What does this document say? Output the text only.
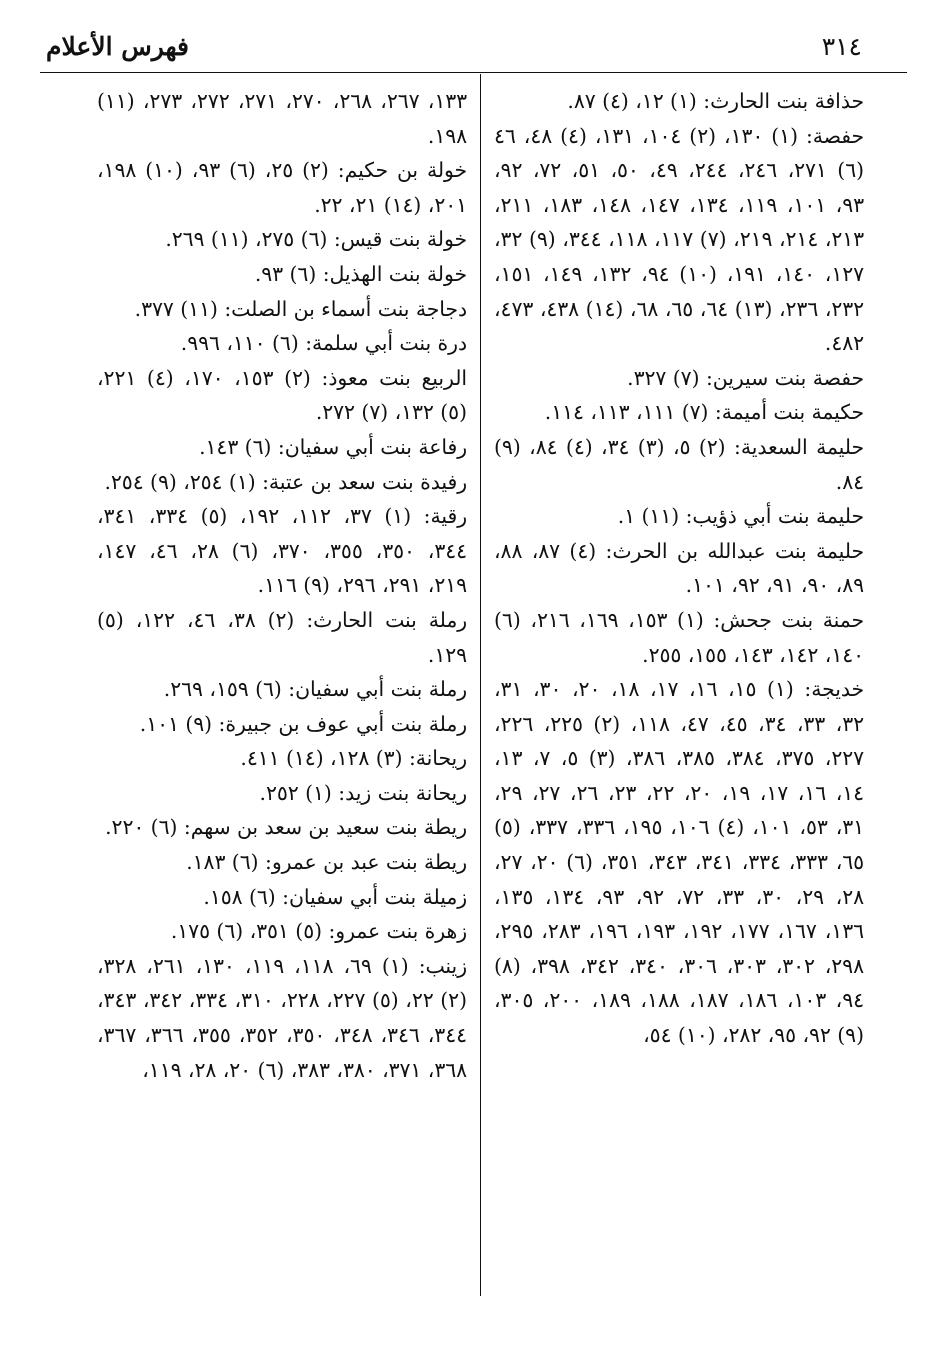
٣١٤
فهرس الأعلام
حذافة بنت الحارث: (١) ١٢، (٤) ٨٧.
حفصة: (١) ١٣٠، (٢) ١٠٤، ١٣١، (٤) ٤٨، ٤٦ (٦) ٢٧١، ٢٤٦، ٢٤٤، ٤٩، ٥٠، ٥١، ٧٢، ٩٢، ٩٣، ١٠١، ١١٩، ١٣٤، ١٤٧، ١٤٨، ١٨٣، ٢١١، ٢١٣، ٢١٤، ٢١٩، (٧) ١١٧، ١١٨، ٣٤٤، (٩) ٣٢، ١٢٧، ١٤٠، ١٩١، (١٠) ٩٤، ١٣٢، ١٤٩، ١٥١، ٢٣٢، ٢٣٦، (١٣) ٦٤، ٦٥، ٦٨، (١٤) ٤٣٨، ٤٧٣، ٤٨٢.
حفصة بنت سيرين: (٧) ٣٢٧.
حكيمة بنت أميمة: (٧) ١١١، ١١٣، ١١٤.
حليمة السعدية: (٢) ٥، (٣) ٣٤، (٤) ٨٤، (٩) ٨٤.
حليمة بنت أبي ذؤيب: (١١) ١.
حليمة بنت عبدالله بن الحرث: (٤) ٨٧، ٨٨، ٨٩، ٩٠، ٩١، ٩٢، ١٠١.
حمنة بنت جحش: (١) ١٥٣، ١٦٩، ٢١٦، (٦) ١٤٠، ١٤٢، ١٤٣، ١٥٥، ٢٥٥.
خديجة: (١) ١٥، ١٦، ١٧، ١٨، ٢٠، ٣٠، ٣١، ٣٢، ٣٣، ٣٤، ٤٥، ٤٧، ١١٨، (٢) ٢٢٥، ٢٢٦، ٢٢٧، ٣٧٥، ٣٨٤، ٣٨٥، ٣٨٦، (٣) ٥، ٧، ١٣، ١٤، ١٦، ١٧، ١٩، ٢٠، ٢٢، ٢٣، ٢٦، ٢٧، ٢٩، ٣١، ٥٣، ١٠١، (٤) ١٠٦، ١٩٥، ٣٣٦، ٣٣٧، (٥) ٦٥، ٣٣٣، ٣٣٤، ٣٤١، ٣٤٣، ٣٥١، (٦) ٢٠، ٢٧، ٢٨، ٢٩، ٣٠، ٣٣، ٧٢، ٩٢، ٩٣، ١٣٤، ١٣٥، ١٣٦، ١٦٧، ١٧٧، ١٩٢، ١٩٣، ١٩٦، ٢٨٣، ٢٩٥، ٢٩٨، ٣٠٢، ٣٠٣، ٣٠٦، ٣٤٠، ٣٤٢، ٣٩٨، (٨) ٩٤، ١٠٣، ١٨٦، ١٨٧، ١٨٨، ١٨٩، ٢٠٠، ٣٠٥، (٩) ٩٢، ٩٥، ٢٨٢، (١٠) ٥٤،
١٣٣، ٢٦٧، ٢٦٨، ٢٧٠، ٢٧١، ٢٧٢، ٢٧٣، (١١) ١٩٨.
خولة بن حكيم: (٢) ٢٥، (٦) ٩٣، (١٠) ١٩٨، ٢٠١، (١٤) ٢١، ٢٢.
خولة بنت قيس: (٦) ٢٧٥، (١١) ٢٦٩.
خولة بنت الهذيل: (٦) ٩٣.
دجاجة بنت أسماء بن الصلت: (١١) ٣٧٧.
درة بنت أبي سلمة: (٦) ١١٠، ٩٩٦.
الربيع بنت معوذ: (٢) ١٥٣، ١٧٠، (٤) ٢٢١، (٥) ١٣٢، (٧) ٢٧٢.
رفاعة بنت أبي سفيان: (٦) ١٤٣.
رفيدة بنت سعد بن عتبة: (١) ٢٥٤، (٩) ٢٥٤.
رقية: (١) ٣٧، ١١٢، ١٩٢، (٥) ٣٣٤، ٣٤١، ٣٤٤، ٣٥٠، ٣٥٥، ٣٧٠، (٦) ٢٨، ٤٦، ١٤٧، ٢١٩، ٢٩١، ٢٩٦، (٩) ١١٦.
رملة بنت الحارث: (٢) ٣٨، ٤٦، ١٢٢، (٥) ١٢٩.
رملة بنت أبي سفيان: (٦) ١٥٩، ٢٦٩.
رملة بنت أبي عوف بن جبيرة: (٩) ١٠١.
ريحانة: (٣) ١٢٨، (١٤) ٤١١.
ريحانة بنت زيد: (١) ٢٥٢.
ريطة بنت سعيد بن سعد بن سهم: (٦) ٢٢٠.
ريطة بنت عبد بن عمرو: (٦) ١٨٣.
زميلة بنت أبي سفيان: (٦) ١٥٨.
زهرة بنت عمرو: (٥) ٣٥١، (٦) ١٧٥.
زينب: (١) ٦٩، ١١٨، ١١٩، ١٣٠، ٢٦١، ٣٢٨، (٢) ٢٢، (٥) ٢٢٧، ٢٢٨، ٣١٠، ٣٣٤، ٣٤٢، ٣٤٣، ٣٤٤، ٣٤٦، ٣٤٨، ٣٥٠، ٣٥٢، ٣٥٥، ٣٦٦، ٣٦٧، ٣٦٨، ٣٧١، ٣٨٠، ٣٨٣، (٦) ٢٠، ٢٨، ١١٩،
